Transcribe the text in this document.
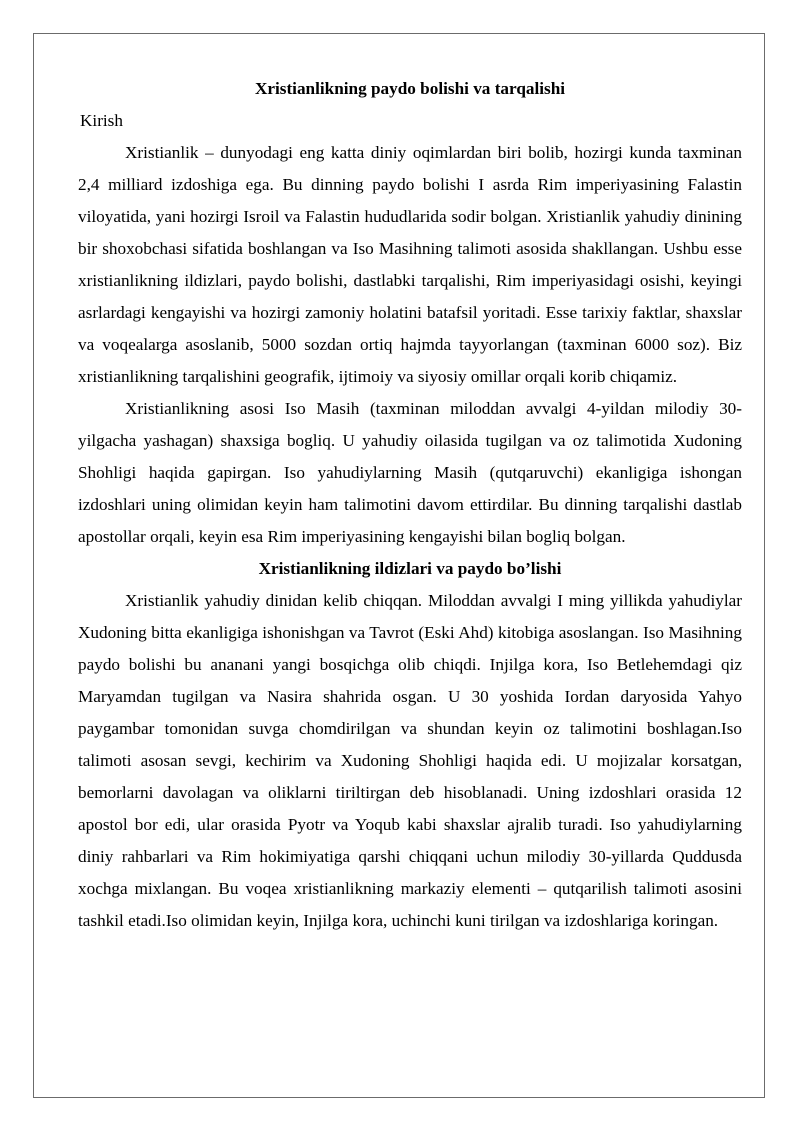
Xristianlikning paydo bolishi va tarqalishi

Kirish

Xristianlik – dunyodagi eng katta diniy oqimlardan biri bolib, hozirgi kunda taxminan 2,4 milliard izdoshiga ega. Bu dinning paydo bolishi I asrda Rim imperiyasining Falastin viloyatida, yani hozirgi Isroil va Falastin hududlarida sodir bolgan. Xristianlik yahudiy dinining bir shoxobchasi sifatida boshlangan va Iso Masihning talimoti asosida shakllangan. Ushbu esse xristianlikning ildizlari, paydo bolishi, dastlabki tarqalishi, Rim imperiyasidagi osishi, keyingi asrlardagi kengayishi va hozirgi zamoniy holatini batafsil yoritadi. Esse tarixiy faktlar, shaxslar va voqealarga asoslanib, 5000 sozdan ortiq hajmda tayyorlangan (taxminan 6000 soz). Biz xristianlikning tarqalishini geografik, ijtimoiy va siyosiy omillar orqali korib chiqamiz.

Xristianlikning asosi Iso Masih (taxminan miloddan avvalgi 4-yildan milodiy 30-yilgacha yashagan) shaxsiga bogliq. U yahudiy oilasida tugilgan va oz talimotida Xudoning Shohligi haqida gapirgan. Iso yahudiylarning Masih (qutqaruvchi) ekanligiga ishongan izdoshlari uning olimidan keyin ham talimotini davom ettirdilar. Bu dinning tarqalishi dastlab apostollar orqali, keyin esa Rim imperiyasining kengayishi bilan bogliq bolgan.

Xristianlikning ildizlari va paydo bo’lishi

Xristianlik yahudiy dinidan kelib chiqqan. Miloddan avvalgi I ming yillikda yahudiylar Xudoning bitta ekanligiga ishonishgan va Tavrot (Eski Ahd) kitobiga asoslangan. Iso Masihning paydo bolishi bu ananani yangi bosqichga olib chiqdi. Injilga kora, Iso Betlehemdagi qiz Maryamdan tugilgan va Nasira shahrida osgan. U 30 yoshida Iordan daryosida Yahyo paygambar tomonidan suvga chomdirilgan va shundan keyin oz talimotini boshlagan.Iso talimoti asosan sevgi, kechirim va Xudoning Shohligi haqida edi. U mojizalar korsatgan, bemorlarni davolagan va oliklarni tiriltirgan deb hisoblanadi. Uning izdoshlari orasida 12 apostol bor edi, ular orasida Pyotr va Yoqub kabi shaxslar ajralib turadi. Iso yahudiylarning diniy rahbarlari va Rim hokimiyatiga qarshi chiqqani uchun milodiy 30-yillarda Quddusda xochga mixlangan. Bu voqea xristianlikning markaziy elementi – qutqarilish talimoti asosini tashkil etadi.Iso olimidan keyin, Injilga kora, uchinchi kuni tirilgan va izdoshlariga koringan.
